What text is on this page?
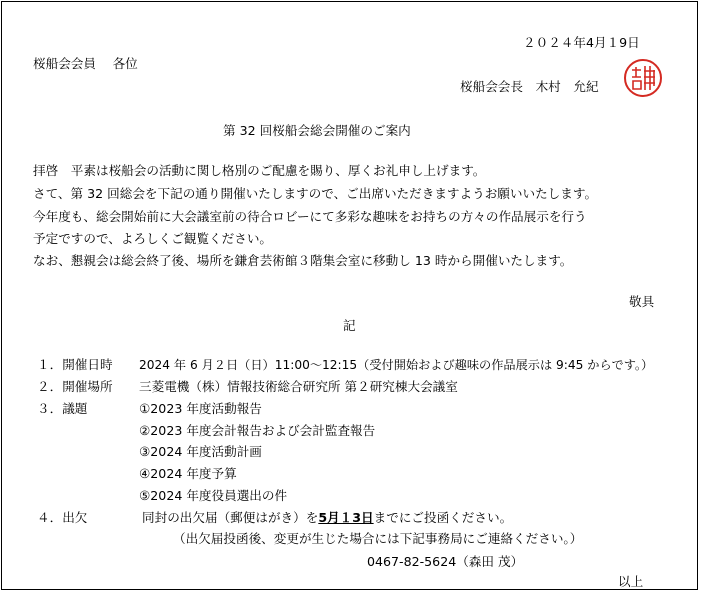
２０２４年4月１9日
桜船会会員　 各位
桜船会会長　木村　允紀
第 32 回桜船会総会開催のご案内
拝啓　平素は桜船会の活動に関し格別のご配慮を賜り、厚くお礼申し上げます。
さて、第 32 回総会を下記の通り開催いたしますので、ご出席いただきますようお願いいたします。
今年度も、総会開始前に大会議室前の待合ロビーにて多彩な趣味をお持ちの方々の作品展示を行う
予定ですので、よろしくご観覧ください。
なお、懇親会は総会終了後、場所を鎌倉芸術館３階集会室に移動し 13 時から開催いたします。
敬具
記
１．開催日時 2024 年 6 月２日（日）11:00～12:15（受付開始および趣味の作品展示は 9:45 からです。）
２．開催場所 三菱電機（株）情報技術総合研究所 第２研究棟大会議室
３．議題	①2023 年度活動報告
②2023 年度会計報告および会計監査報告
③2024 年度活動計画
④2024 年度予算
⑤2024 年度役員選出の件
４．出欠	同封の出欠届（郵便はがき）を5月１3日までにご投函ください。
（出欠届投函後、変更が生じた場合には下記事務局にご連絡ください。）
0467-82-5624（森田 茂）
以上
